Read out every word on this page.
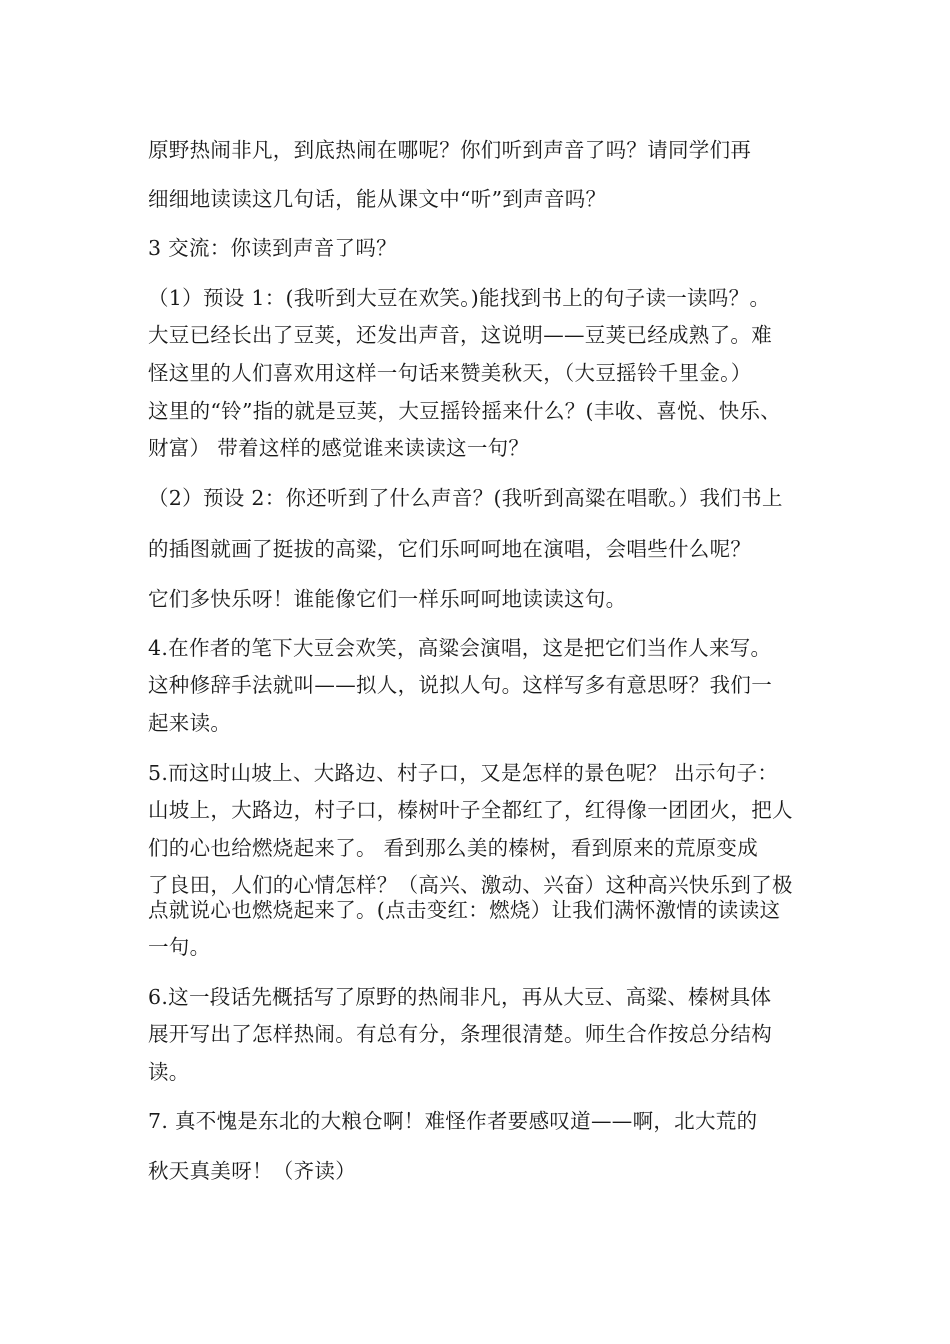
原野热闹非凡，到底热闹在哪呢？你们听到声音了吗？请同学们再
细细地读读这几句话，能从课文中“听”到声音吗？
3 交流：你读到声音了吗？
（1）预设 1：(我听到大豆在欢笑。)能找到书上的句子读一读吗？。
大豆已经长出了豆荚，还发出声音，这说明——豆荚已经成熟了。难
怪这里的人们喜欢用这样一句话来赞美秋天，（大豆摇铃千里金。）
这里的“铃”指的就是豆荚，大豆摇铃摇来什么？(丰收、喜悦、快乐、
财富） 带着这样的感觉谁来读读这一句？
（2）预设 2：你还听到了什么声音？(我听到高粱在唱歌。）我们书上
的插图就画了挺拔的高粱，它们乐呵呵地在演唱，会唱些什么呢？
它们多快乐呀！谁能像它们一样乐呵呵地读读这句。
4.在作者的笔下大豆会欢笑，高粱会演唱，这是把它们当作人来写。
这种修辞手法就叫——拟人，说拟人句。这样写多有意思呀？我们一
起来读。
5.而这时山坡上、大路边、村子口，又是怎样的景色呢？ 出示句子：
山坡上，大路边，村子口，榛树叶子全都红了，红得像一团团火，把人
们的心也给燃烧起来了。 看到那么美的榛树，看到原来的荒原变成
了良田，人们的心情怎样？（高兴、激动、兴奋）这种高兴快乐到了极
点就说心也燃烧起来了。(点击变红：燃烧）让我们满怀激情的读读这
一句。
6.这一段话先概括写了原野的热闹非凡，再从大豆、高粱、榛树具体
展开写出了怎样热闹。有总有分，条理很清楚。师生合作按总分结构
读。
7. 真不愧是东北的大粮仓啊！难怪作者要感叹道——啊，北大荒的
秋天真美呀！（齐读）
